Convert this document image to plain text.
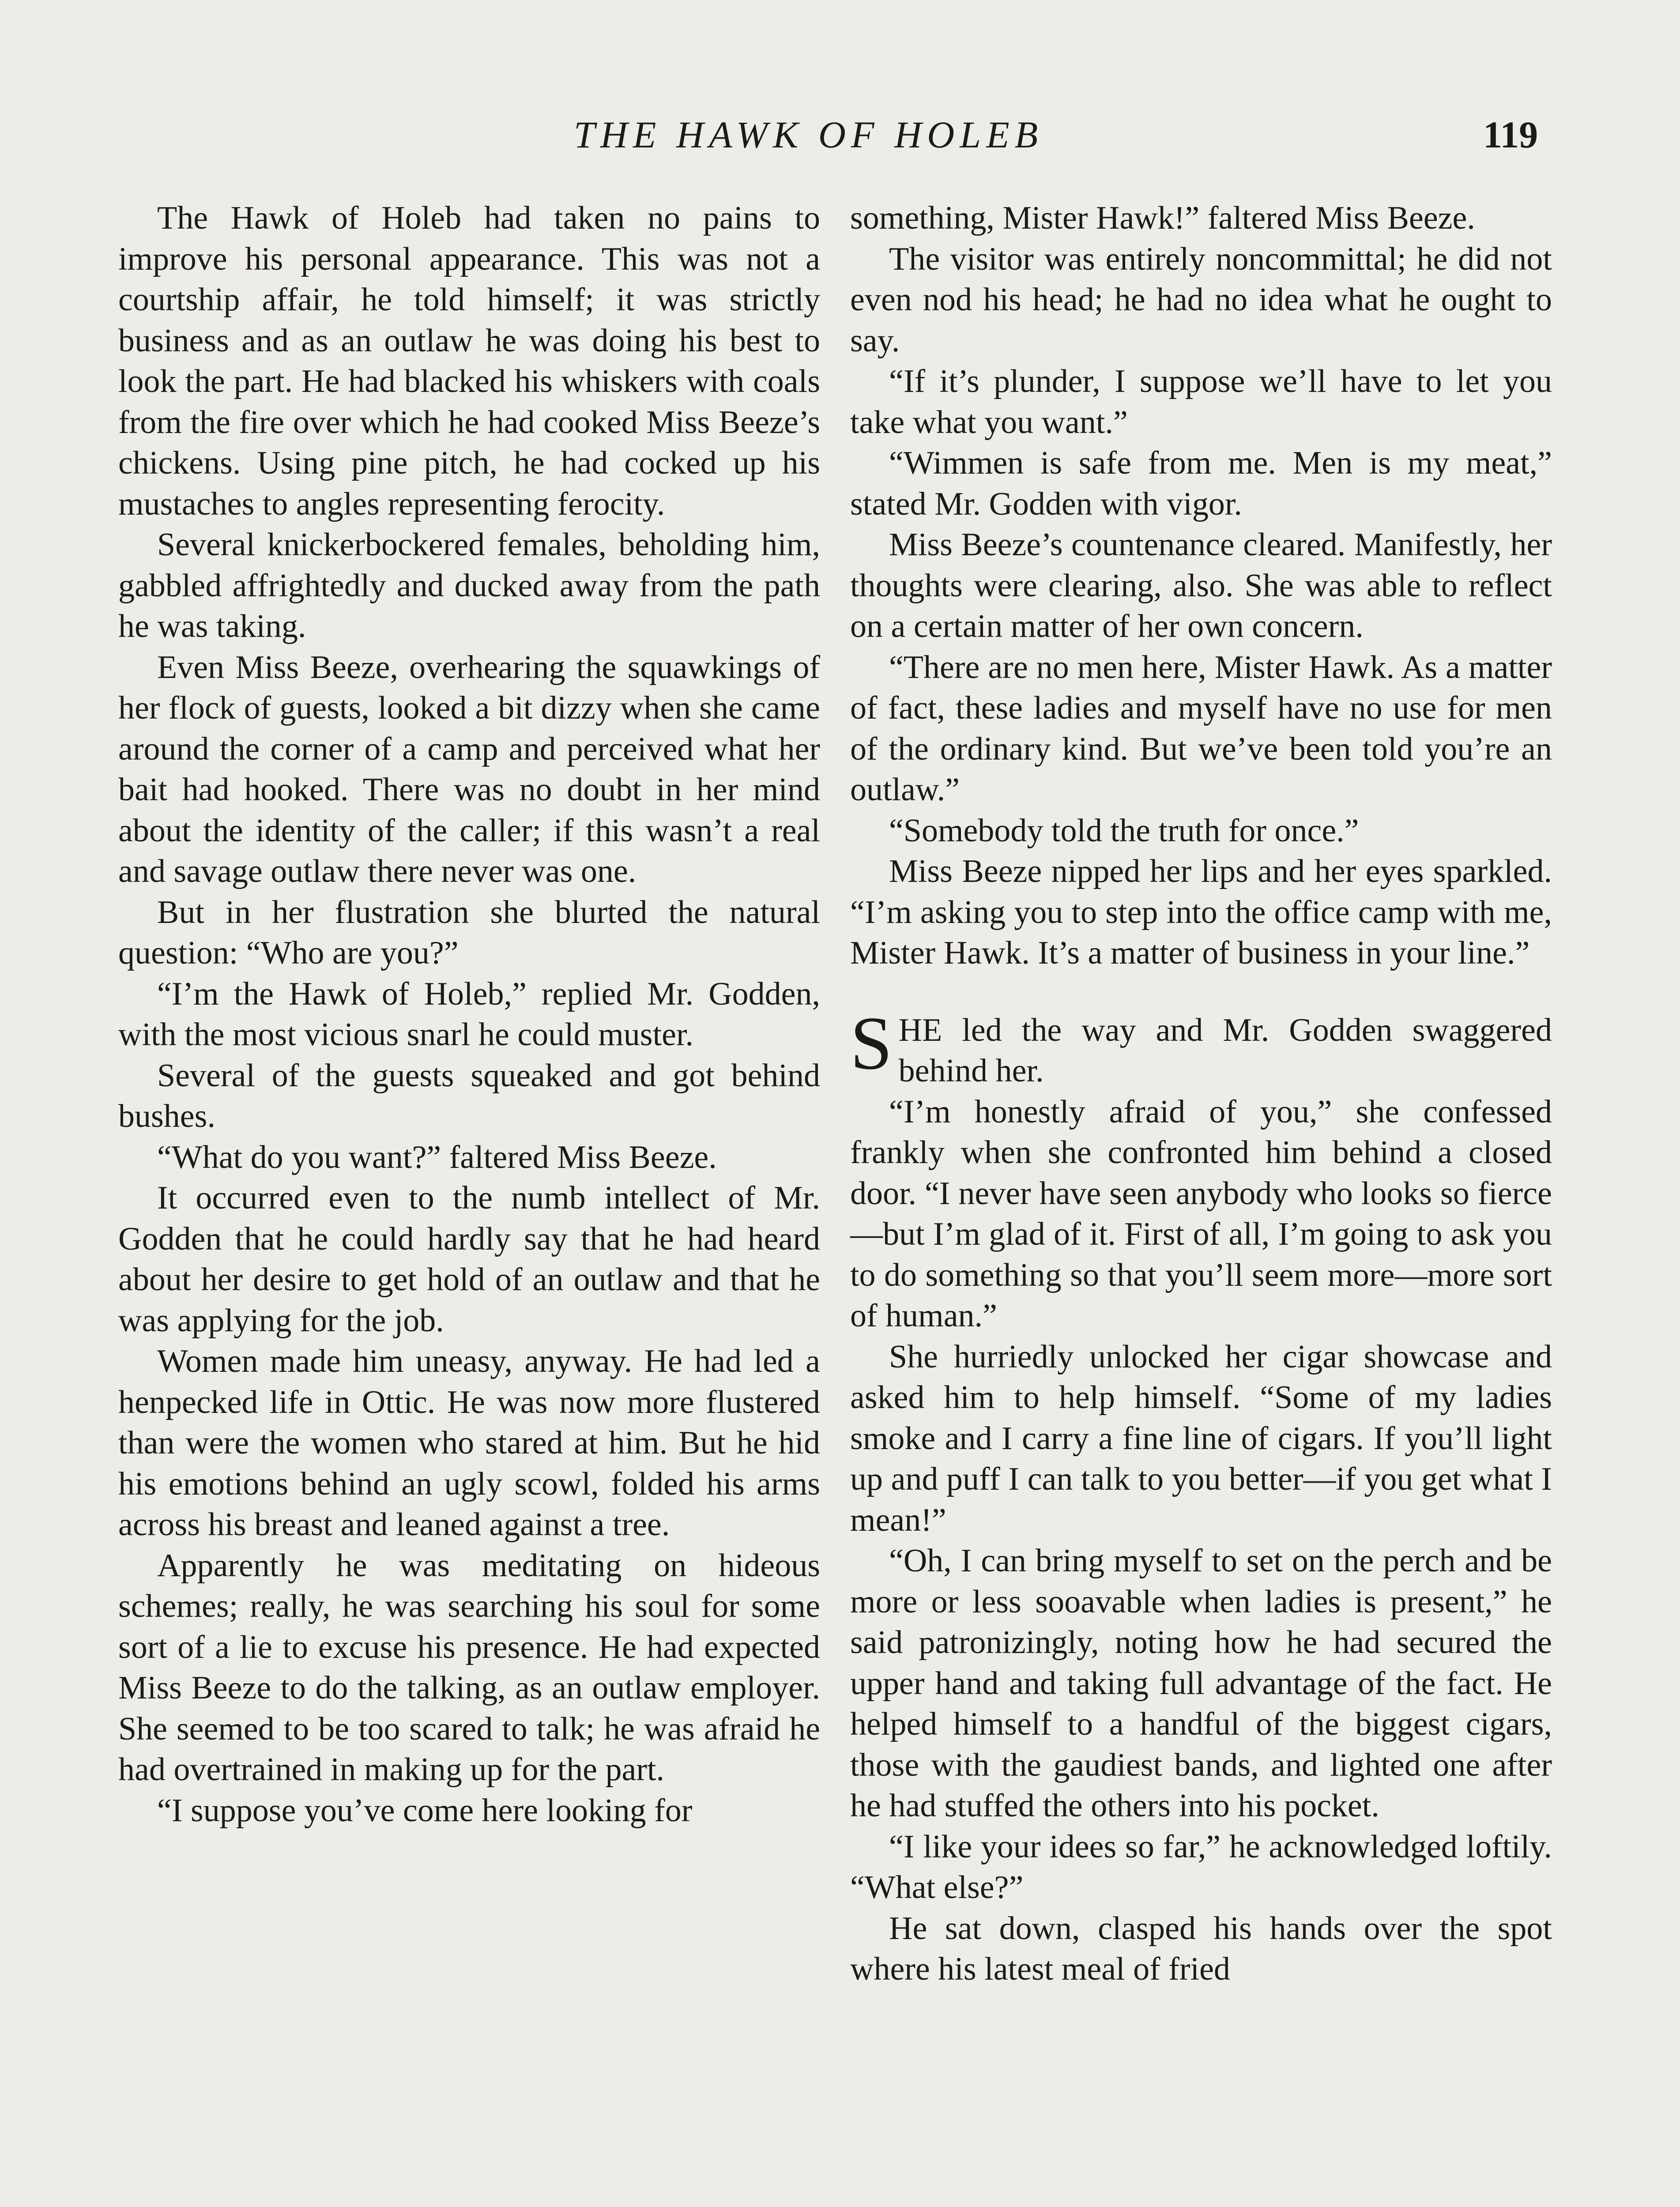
THE HAWK OF HOLEB	119

The Hawk of Holeb had taken no pains to improve his personal appearance. This was not a courtship affair, he told himself; it was strictly business and as an outlaw he was doing his best to look the part. He had blacked his whiskers with coals from the fire over which he had cooked Miss Beeze’s chickens. Using pine pitch, he had cocked up his mustaches to angles representing ferocity.

Several knickerbockered females, beholding him, gabbled affrightedly and ducked away from the path he was taking.

Even Miss Beeze, overhearing the squawkings of her flock of guests, looked a bit dizzy when she came around the corner of a camp and perceived what her bait had hooked. There was no doubt in her mind about the identity of the caller; if this wasn’t a real and savage outlaw there never was one.

But in her flustration she blurted the natural question: “Who are you?”

“I’m the Hawk of Holeb,” replied Mr. Godden, with the most vicious snarl he could muster.

Several of the guests squeaked and got behind bushes.

“What do you want?” faltered Miss Beeze.

It occurred even to the numb intellect of Mr. Godden that he could hardly say that he had heard about her desire to get hold of an outlaw and that he was applying for the job.

Women made him uneasy, anyway. He had led a henpecked life in Ottic. He was now more flustered than were the women who stared at him. But he hid his emotions behind an ugly scowl, folded his arms across his breast and leaned against a tree.

Apparently he was meditating on hideous schemes; really, he was searching his soul for some sort of a lie to excuse his presence. He had expected Miss Beeze to do the talking, as an outlaw employer. She seemed to be too scared to talk; he was afraid he had overtrained in making up for the part.

“I suppose you’ve come here looking for

something, Mister Hawk!” faltered Miss Beeze.

The visitor was entirely noncommittal; he did not even nod his head; he had no idea what he ought to say.

“If it’s plunder, I suppose we’ll have to let you take what you want.”

“Wimmen is safe from me. Men is my meat,” stated Mr. Godden with vigor.

Miss Beeze’s countenance cleared. Manifestly, her thoughts were clearing, also. She was able to reflect on a certain matter of her own concern.

“There are no men here, Mister Hawk. As a matter of fact, these ladies and myself have no use for men of the ordinary kind. But we’ve been told you’re an outlaw.”

“Somebody told the truth for once.”

Miss Beeze nipped her lips and her eyes sparkled. “I’m asking you to step into the office camp with me, Mister Hawk. It’s a matter of business in your line.”

SHE led the way and Mr. Godden swaggered behind her.

“I’m honestly afraid of you,” she confessed frankly when she confronted him behind a closed door. “I never have seen anybody who looks so fierce—but I’m glad of it. First of all, I’m going to ask you to do something so that you’ll seem more—more sort of human.”

She hurriedly unlocked her cigar showcase and asked him to help himself. “Some of my ladies smoke and I carry a fine line of cigars. If you’ll light up and puff I can talk to you better—if you get what I mean!”

“Oh, I can bring myself to set on the perch and be more or less sooavable when ladies is present,” he said patronizingly, noting how he had secured the upper hand and taking full advantage of the fact. He helped himself to a handful of the biggest cigars, those with the gaudiest bands, and lighted one after he had stuffed the others into his pocket.

“I like your idees so far,” he acknowledged loftily. “What else?”

He sat down, clasped his hands over the spot where his latest meal of fried
